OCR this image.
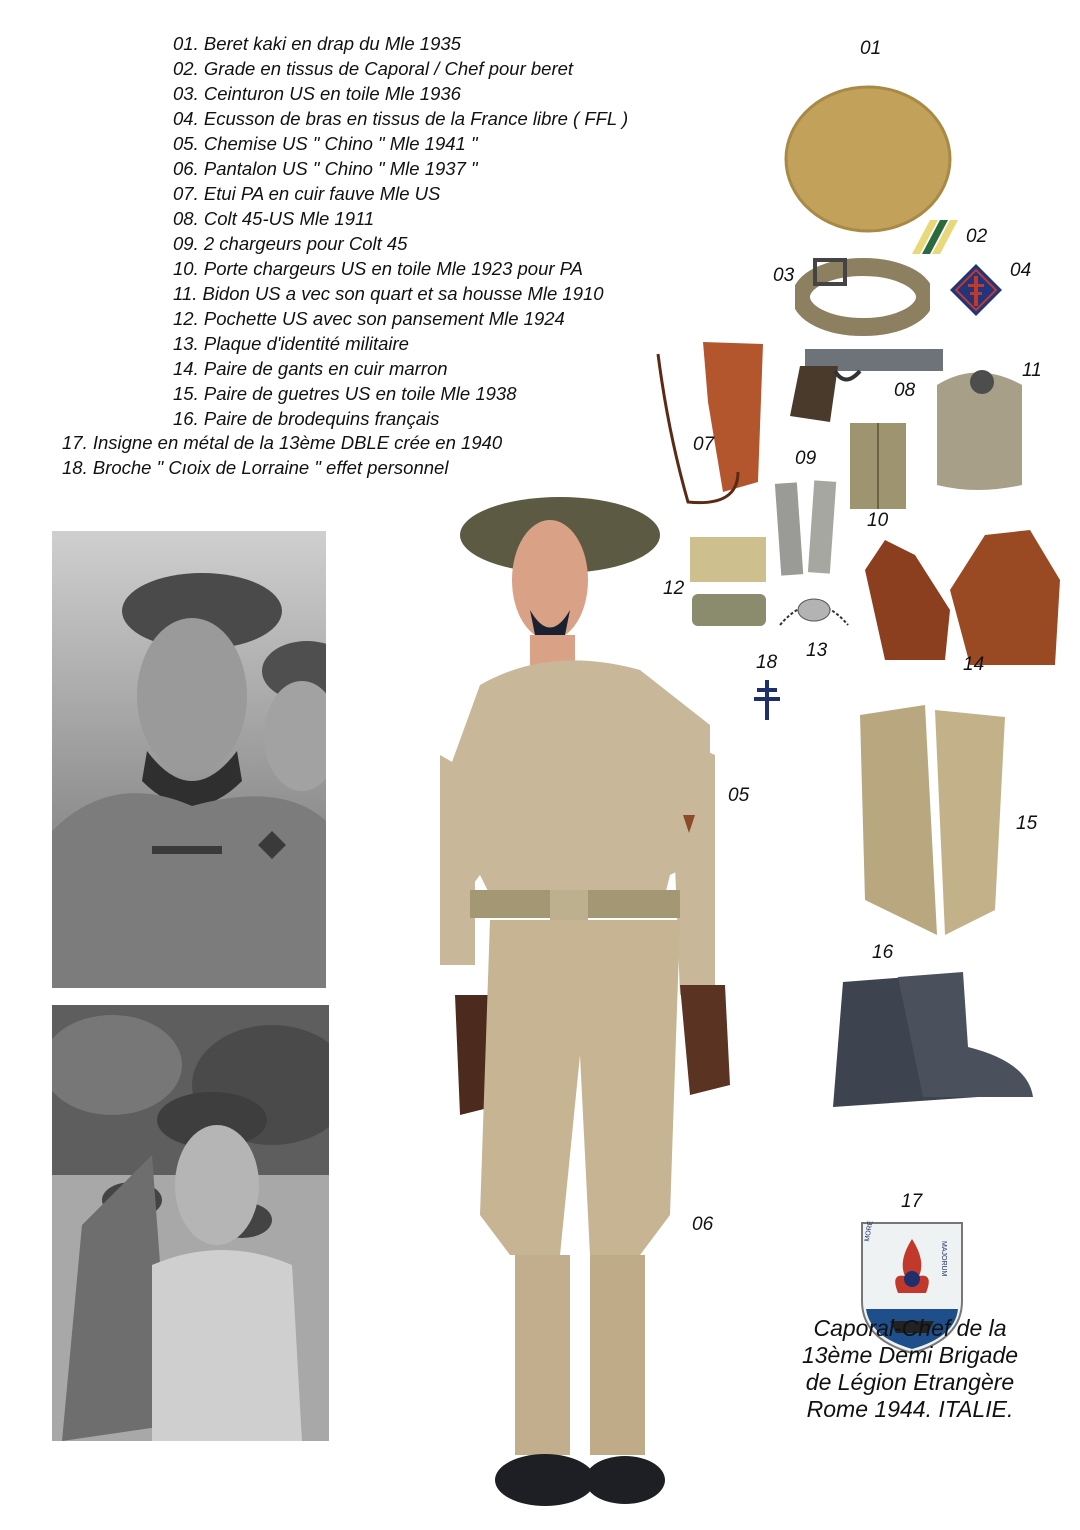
01. Beret kaki en drap du Mle 1935
02. Grade en tissus de Caporal / Chef pour beret
03. Ceinturon US en toile Mle 1936
04. Ecusson de bras en tissus de la France libre ( FFL )
05. Chemise US " Chino " Mle 1941 "
06. Pantalon US " Chino " Mle 1937 "
07. Etui PA en cuir fauve Mle US
08. Colt 45-US Mle 1911
09. 2 chargeurs pour Colt 45
10. Porte chargeurs US en toile Mle 1923 pour PA
11. Bidon US a vec son quart et sa housse Mle 1910
12. Pochette US avec son pansement Mle 1924
13. Plaque d'identité militaire
14. Paire de gants en cuir marron
15. Paire de guetres US en toile Mle 1938
16. Paire de brodequins français
17. Insigne en métal de la 13ème DBLE crée en 1940
18. Broche " Cıoix de Lorraine " effet personnel
MORE
MAJORUM
01
02
03	04
05
06
07
08
09
10
11
12
13
14
15
16
17
18
Caporal-Chef de la
13ème Demi Brigade
de Légion Etrangère
Rome 1944. ITALIE.
